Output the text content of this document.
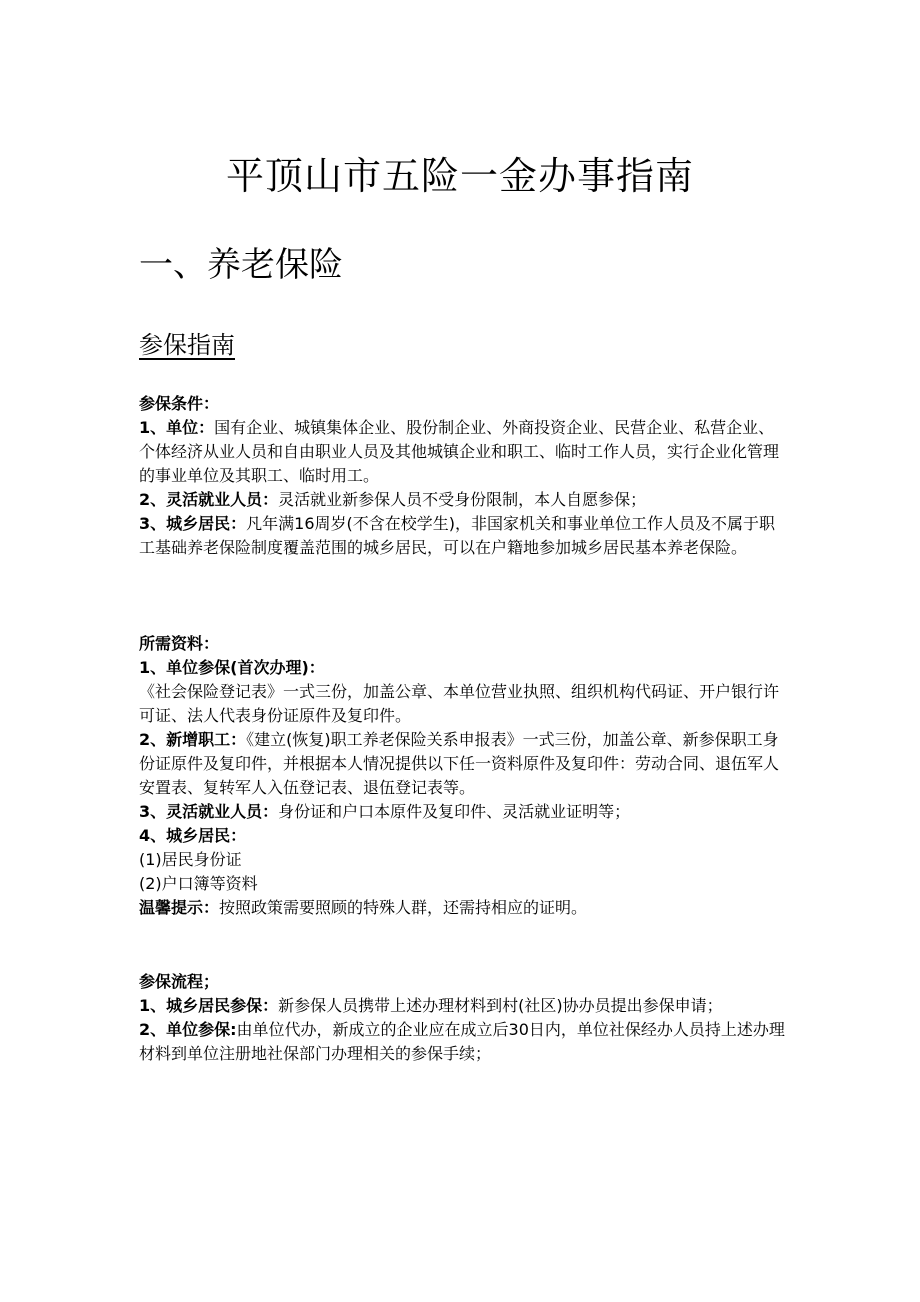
平顶山市五险一金办事指南
一、养老保险
参保指南

参保条件：

1、单位：国有企业、城镇集体企业、股份制企业、外商投资企业、民营企业、私营企业、个体经济从业人员和自由职业人员及其他城镇企业和职工、临时工作人员，实行企业化管理的事业单位及其职工、临时用工。

2、灵活就业人员：灵活就业新参保人员不受身份限制，本人自愿参保；

3、城乡居民：凡年满16周岁(不含在校学生)，非国家机关和事业单位工作人员及不属于职工基础养老保险制度覆盖范围的城乡居民，可以在户籍地参加城乡居民基本养老保险。

所需资料：

1、单位参保(首次办理)：

《社会保险登记表》一式三份，加盖公章、本单位营业执照、组织机构代码证、开户银行许可证、法人代表身份证原件及复印件。

2、新增职工：《建立(恢复)职工养老保险关系申报表》一式三份，加盖公章、新参保职工身份证原件及复印件，并根据本人情况提供以下任一资料原件及复印件：劳动合同、退伍军人安置表、复转军人入伍登记表、退伍登记表等。

3、灵活就业人员：身份证和户口本原件及复印件、灵活就业证明等；

4、城乡居民：

(1)居民身份证

(2)户口簿等资料

温馨提示：按照政策需要照顾的特殊人群，还需持相应的证明。

参保流程；

1、城乡居民参保：新参保人员携带上述办理材料到村(社区)协办员提出参保申请；

2、单位参保:由单位代办，新成立的企业应在成立后30日内，单位社保经办人员持上述办理材料到单位注册地社保部门办理相关的参保手续；
